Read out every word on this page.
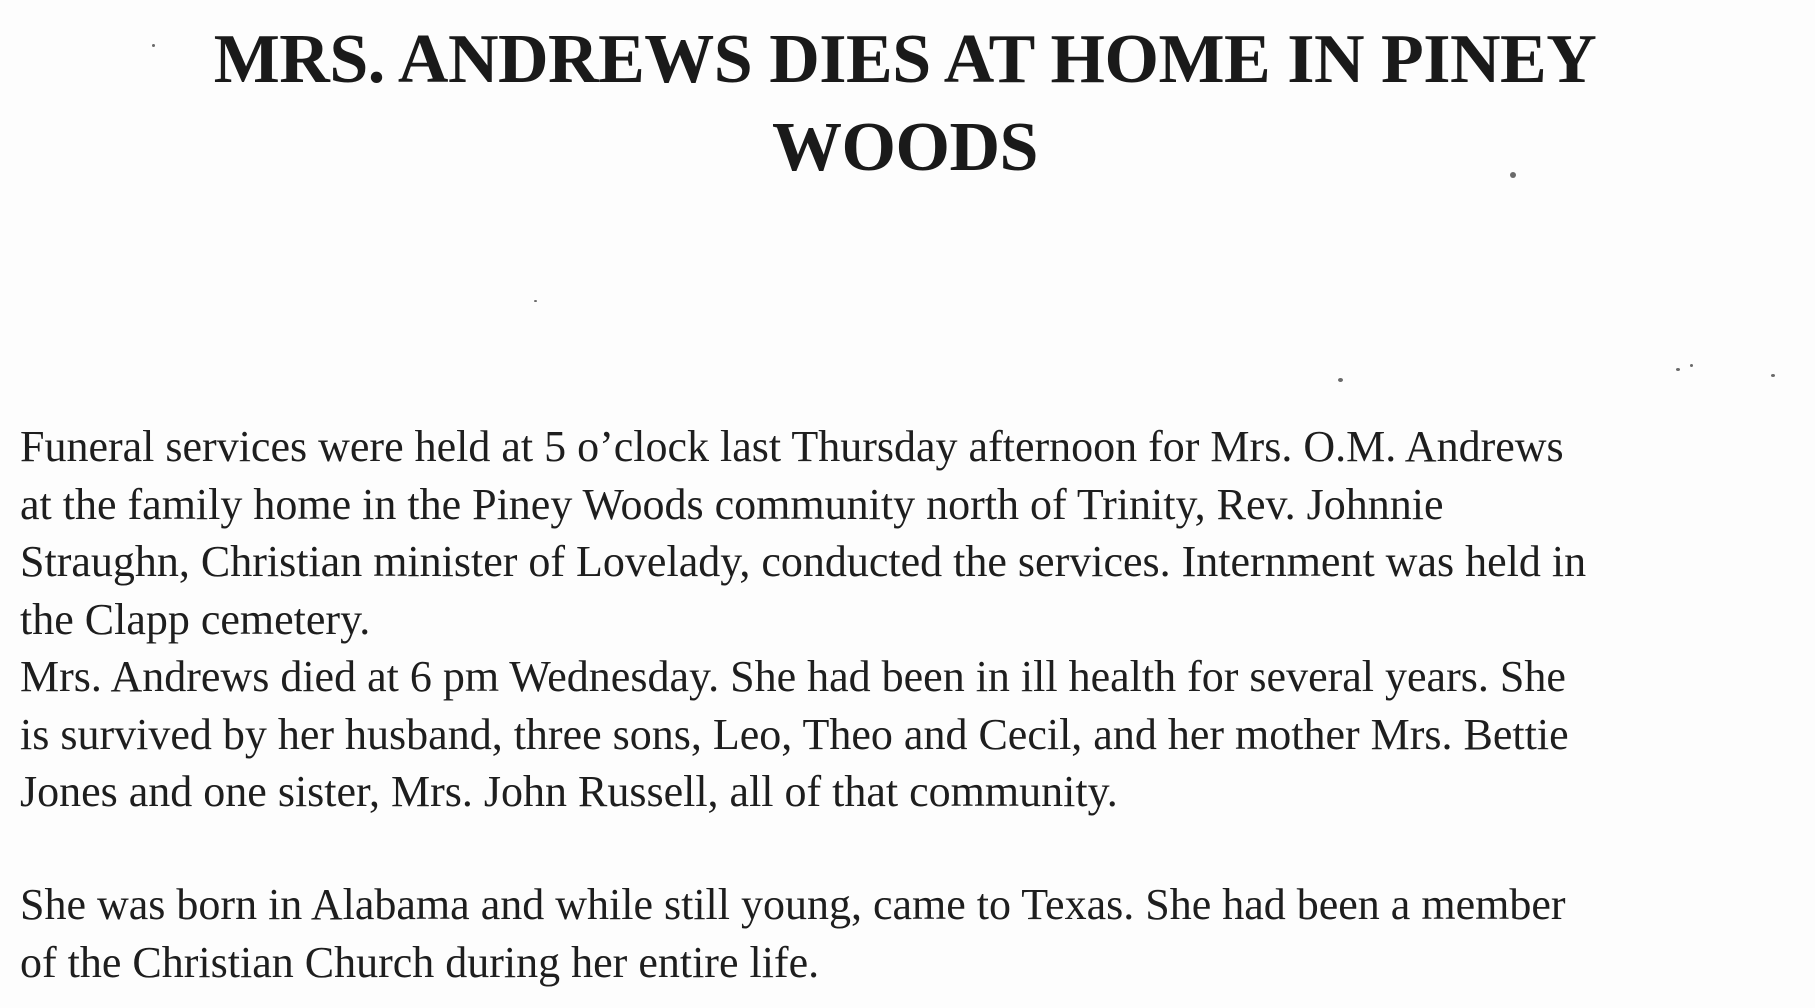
MRS. ANDREWS DIES AT HOME IN PINEY
WOODS

Funeral services were held at 5 o’clock last Thursday afternoon for Mrs. O.M. Andrews
at the family home in the Piney Woods community north of Trinity, Rev. Johnnie
Straughn, Christian minister of Lovelady, conducted the services. Internment was held in
the Clapp cemetery.
Mrs. Andrews died at 6 pm Wednesday. She had been in ill health for several years. She
is survived by her husband, three sons, Leo, Theo and Cecil, and her mother Mrs. Bettie
Jones and one sister, Mrs. John Russell, all of that community.

She was born in Alabama and while still young, came to Texas. She had been a member
of the Christian Church during her entire life.
